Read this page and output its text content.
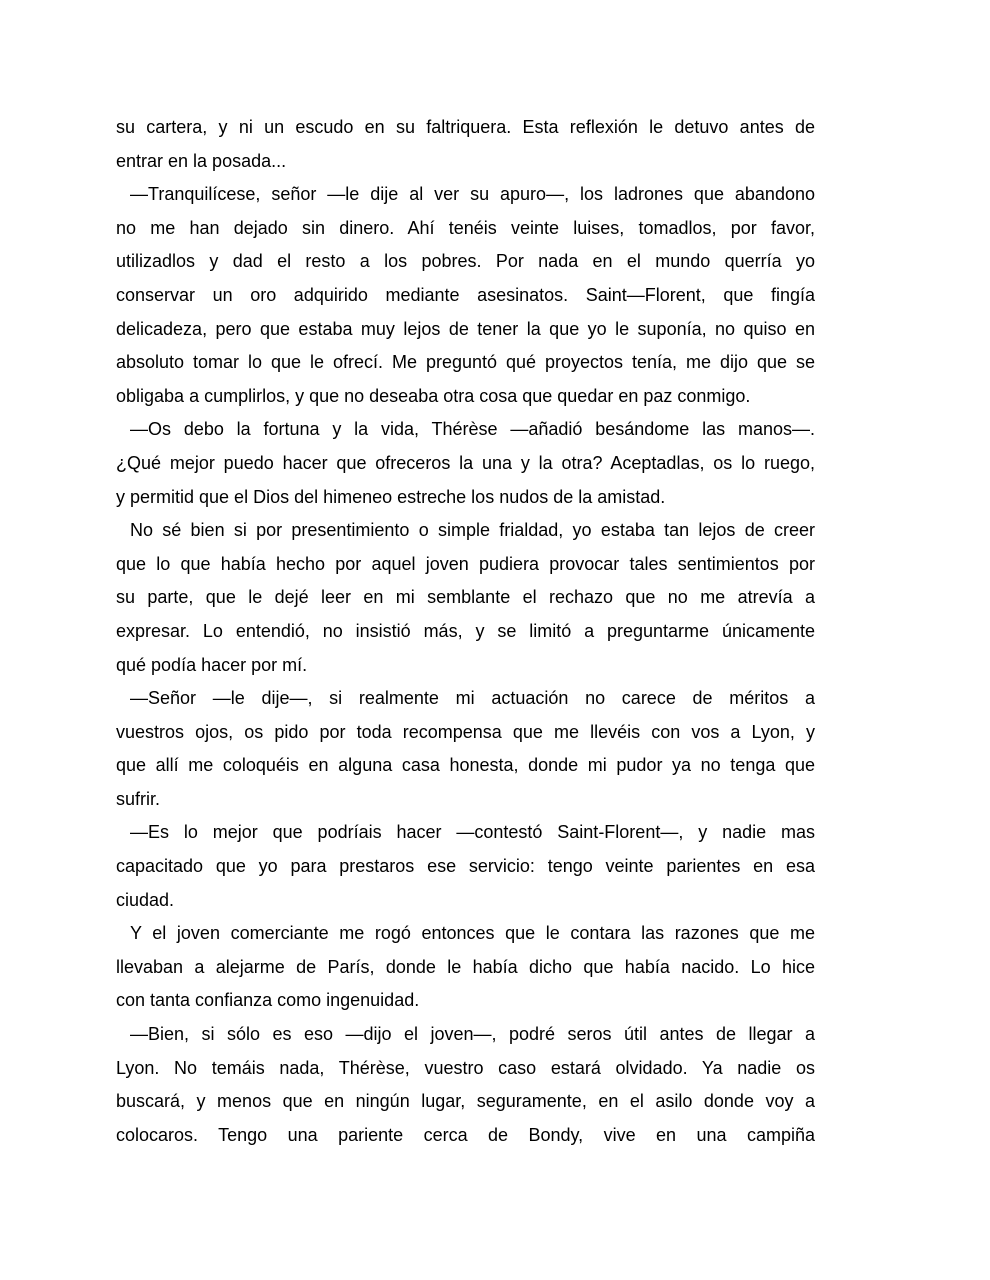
su cartera, y ni un escudo en su faltriquera. Esta reflexión le detuvo antes de
entrar en la posada...
—Tranquilícese, señor —le dije al ver su apuro—, los ladrones que abandono
no me han dejado sin dinero. Ahí tenéis veinte luises, tomadlos, por favor,
utilizadlos y dad el resto a los pobres. Por nada en el mundo querría yo
conservar un oro adquirido mediante asesinatos. Saint—Florent, que fingía
delicadeza, pero que estaba muy lejos de tener la que yo le suponía, no quiso en
absoluto tomar lo que le ofrecí. Me preguntó qué proyectos tenía, me dijo que se
obligaba a cumplirlos, y que no deseaba otra cosa que quedar en paz conmigo.
—Os debo la fortuna y la vida, Thérèse —añadió besándome las manos—.
¿Qué mejor puedo hacer que ofreceros la una y la otra? Aceptadlas, os lo ruego,
y permitid que el Dios del himeneo estreche los nudos de la amistad.
No sé bien si por presentimiento o simple frialdad, yo estaba tan lejos de creer
que lo que había hecho por aquel joven pudiera provocar tales sentimientos por
su parte, que le dejé leer en mi semblante el rechazo que no me atrevía a
expresar. Lo entendió, no insistió más, y se limitó a preguntarme únicamente
qué podía hacer por mí.
—Señor —le dije—, si realmente mi actuación no carece de méritos a
vuestros ojos, os pido por toda recompensa que me llevéis con vos a Lyon, y
que allí me coloquéis en alguna casa honesta, donde mi pudor ya no tenga que
sufrir.
—Es lo mejor que podríais hacer —contestó Saint-Florent—, y nadie mas
capacitado que yo para prestaros ese servicio: tengo veinte parientes en esa
ciudad.
Y el joven comerciante me rogó entonces que le contara las razones que me
llevaban a alejarme de París, donde le había dicho que había nacido. Lo hice
con tanta confianza como ingenuidad.
—Bien, si sólo es eso —dijo el joven—, podré seros útil antes de llegar a
Lyon. No temáis nada, Thérèse, vuestro caso estará olvidado. Ya nadie os
buscará, y menos que en ningún lugar, seguramente, en el asilo donde voy a
colocaros. Tengo una pariente cerca de Bondy, vive en una campiña
